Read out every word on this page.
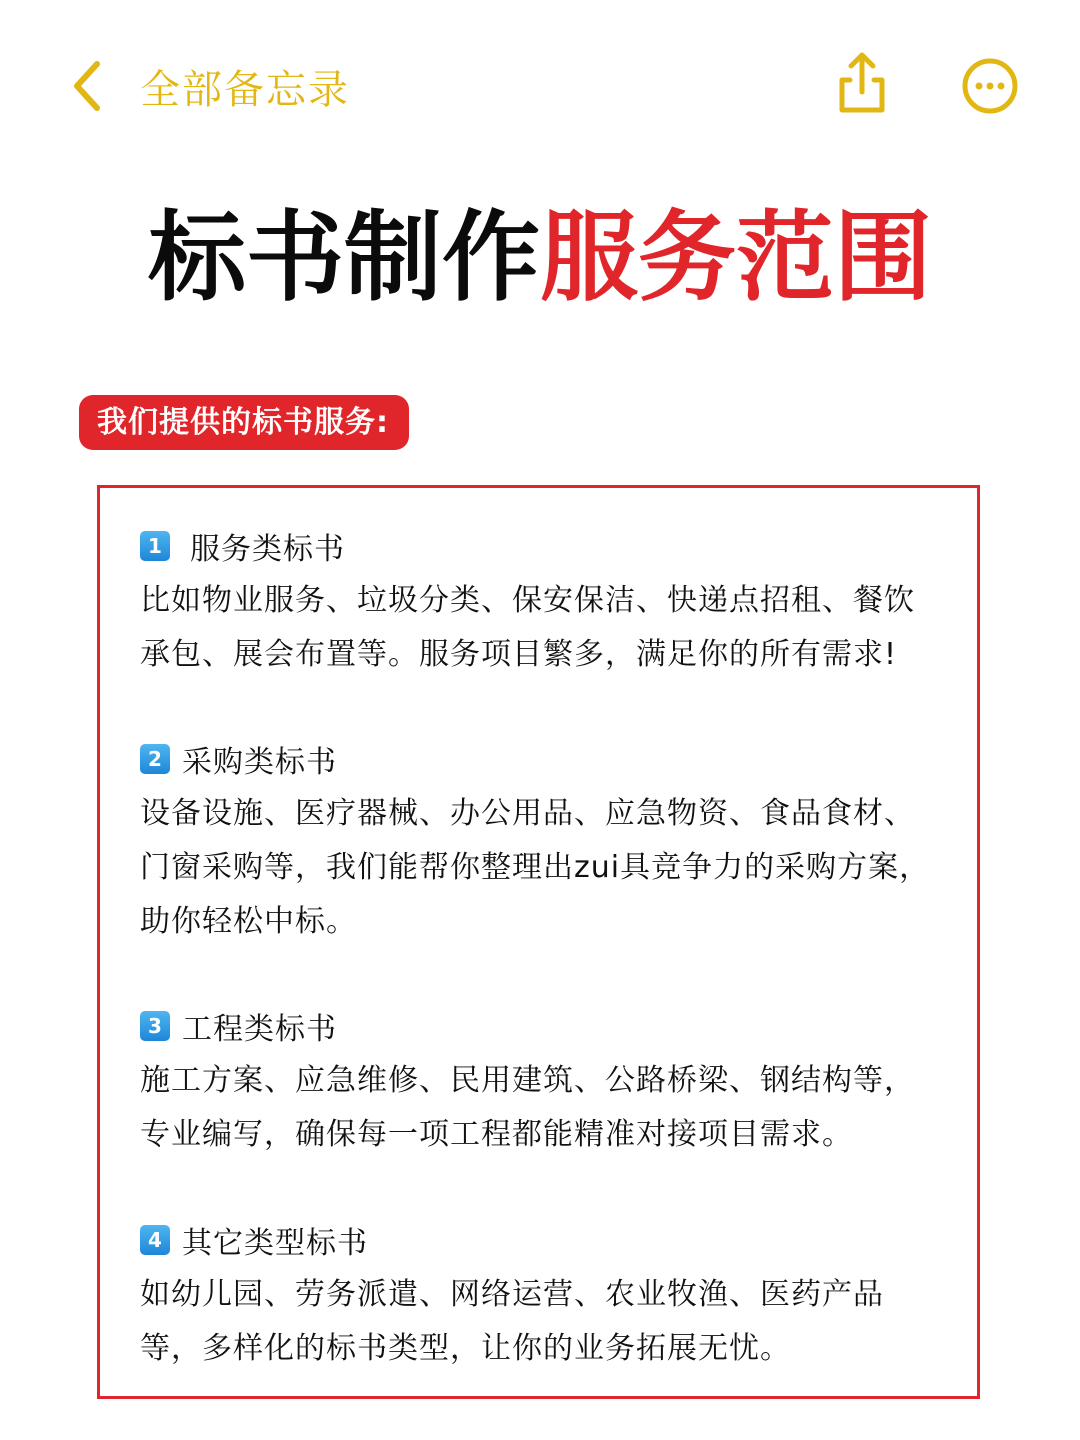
全部备忘录
标书制作服务范围
我们提供的标书服务:
1 服务类标书
比如物业服务、垃圾分类、保安保洁、快递点招租、餐饮
承包、展会布置等。服务项目繁多，满足你的所有需求!
2 采购类标书
设备设施、医疗器械、办公用品、应急物资、食品食材、
门窗采购等，我们能帮你整理出zui具竞争力的采购方案，
助你轻松中标。
3 工程类标书
施工方案、应急维修、民用建筑、公路桥梁、钢结构等，
专业编写，确保每一项工程都能精准对接项目需求。
4 其它类型标书
如幼儿园、劳务派遣、网络运营、农业牧渔、医药产品
等，多样化的标书类型，让你的业务拓展无忧。
